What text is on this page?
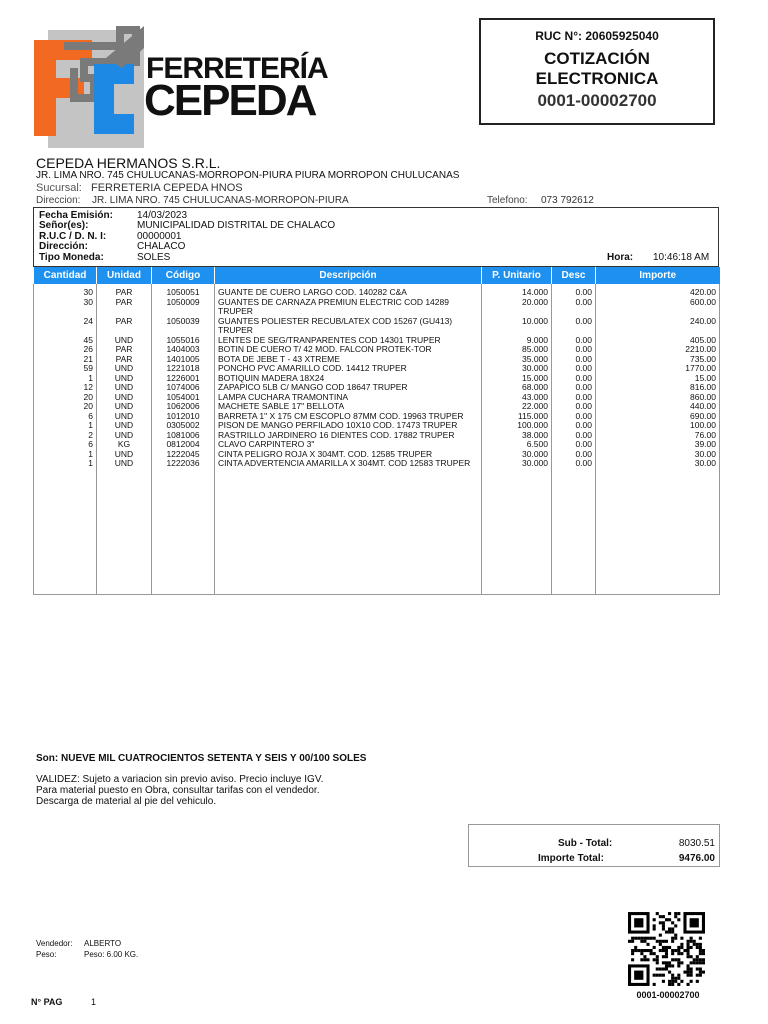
FERRETERÍA
CEPEDA
RUC N°: 20605925040
COTIZACIÓN
ELECTRONICA
0001-00002700
CEPEDA HERMANOS S.R.L.
JR. LIMA NRO. 745 CHULUCANAS-MORROPON-PIURA PIURA MORROPON CHULUCANAS
Sucursal: FERRETERIA CEPEDA HNOS
Direccion: JR. LIMA NRO. 745 CHULUCANAS-MORROPON-PIURA	Telefono: 073 792612
Fecha Emisión: 14/03/2023
Señor(es):	MUNICIPALIDAD DISTRITAL DE CHALACO
R.U.C / D. N. I:	00000001
Dirección:	CHALACO
Tipo Moneda:	SOLES	Hora: 10:46:18 AM
Cantidad	Unidad	Código	Descripción	P. Unitario	Desc	Importe
30	PAR	1050051	GUANTE DE CUERO LARGO COD. 140282 C&A	14.000	0.00	420.00
30	PAR	1050009	GUANTES DE CARNAZA PREMIUN ELECTRIC COD 14289 TRUPER	20.000	0.00	600.00
24	PAR	1050039	GUANTES POLIESTER RECUB/LATEX COD 15267 (GU413) TRUPER	10.000	0.00	240.00
45	UND	1055016	LENTES DE SEG/TRANPARENTES COD 14301 TRUPER	9.000	0.00	405.00
26	PAR	1404003	BOTIN DE CUERO T/ 42 MOD. FALCON PROTEK-TOR	85.000	0.00	2210.00
21	PAR	1401005	BOTA DE JEBE T - 43 XTREME	35.000	0.00	735.00
59	UND	1221018	PONCHO PVC AMARILLO COD. 14412 TRUPER	30.000	0.00	1770.00
1	UND	1226001	BOTIQUIN MADERA 18X24	15.000	0.00	15.00
12	UND	1074006	ZAPAPICO 5LB C/ MANGO COD 18647 TRUPER	68.000	0.00	816.00
20	UND	1054001	LAMPA CUCHARA TRAMONTINA	43.000	0.00	860.00
20	UND	1062006	MACHETE SABLE 17" BELLOTA	22.000	0.00	440.00
6	UND	1012010	BARRETA 1" X 175 CM ESCOPLO 87MM COD. 19963 TRUPER	115.000	0.00	690.00
1	UND	0305002	PISON DE MANGO PERFILADO 10X10 COD. 17473 TRUPER	100.000	0.00	100.00
2	UND	1081006	RASTRILLO JARDINERO 16 DIENTES COD. 17882 TRUPER	38.000	0.00	76.00
6	KG	0812004	CLAVO CARPINTERO 3"	6.500	0.00	39.00
1	UND	1222045	CINTA PELIGRO ROJA X 304MT. COD. 12585 TRUPER	30.000	0.00	30.00
1	UND	1222036	CINTA ADVERTENCIA AMARILLA X 304MT. COD 12583 TRUPER	30.000	0.00	30.00

Son: NUEVE MIL CUATROCIENTOS SETENTA Y SEIS Y 00/100 SOLES
VALIDEZ: Sujeto a variacion sin previo aviso. Precio incluye IGV.
Para material puesto en Obra, consultar tarifas con el vendedor.
Descarga de material al pie del vehiculo.
Sub - Total:	8030.51
Importe Total:	9476.00
Vendedor: ALBERTO
Peso:	Peso: 6.00 KG.
N° PAG	1
0001-00002700
